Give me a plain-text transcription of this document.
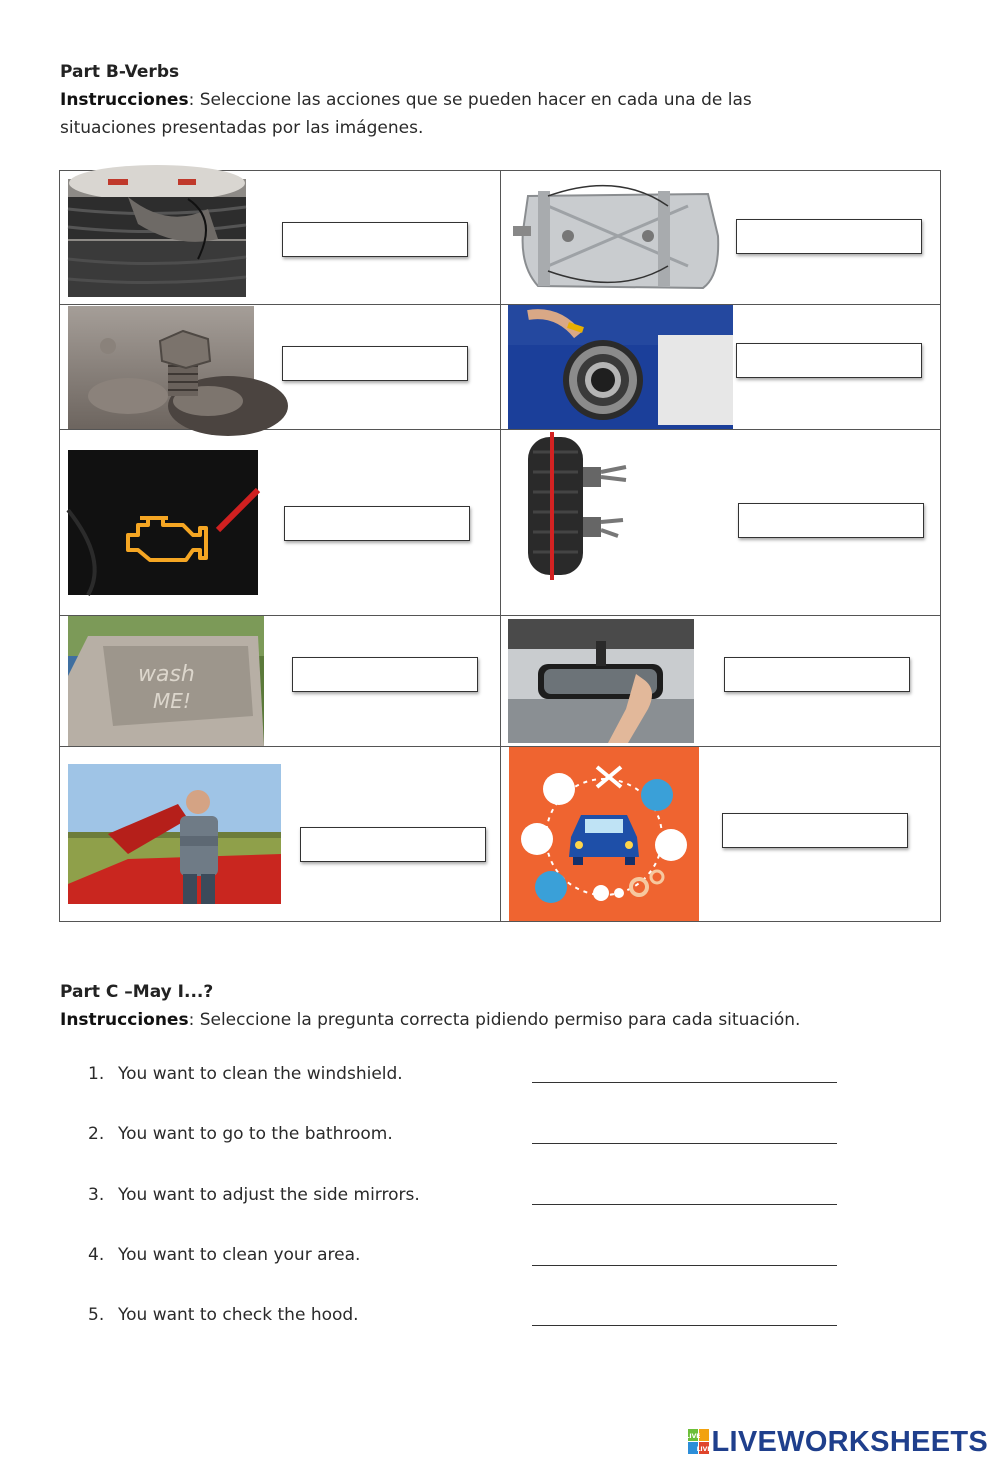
Part B-Verbs
Instrucciones: Seleccione las acciones que se pueden hacer en cada una de las
situaciones presentadas por las imágenes.
wash
ME!
Part C –May I...?
Instrucciones: Seleccione la pregunta correcta pidiendo permiso para cada situación.
1. You want to clean the windshield.
2. You want to go to the bathroom.
3. You want to adjust the side mirrors.
4. You want to clean your area.
5. You want to check the hood.
LIVE
LIVE LIVEWORKSHEETS
